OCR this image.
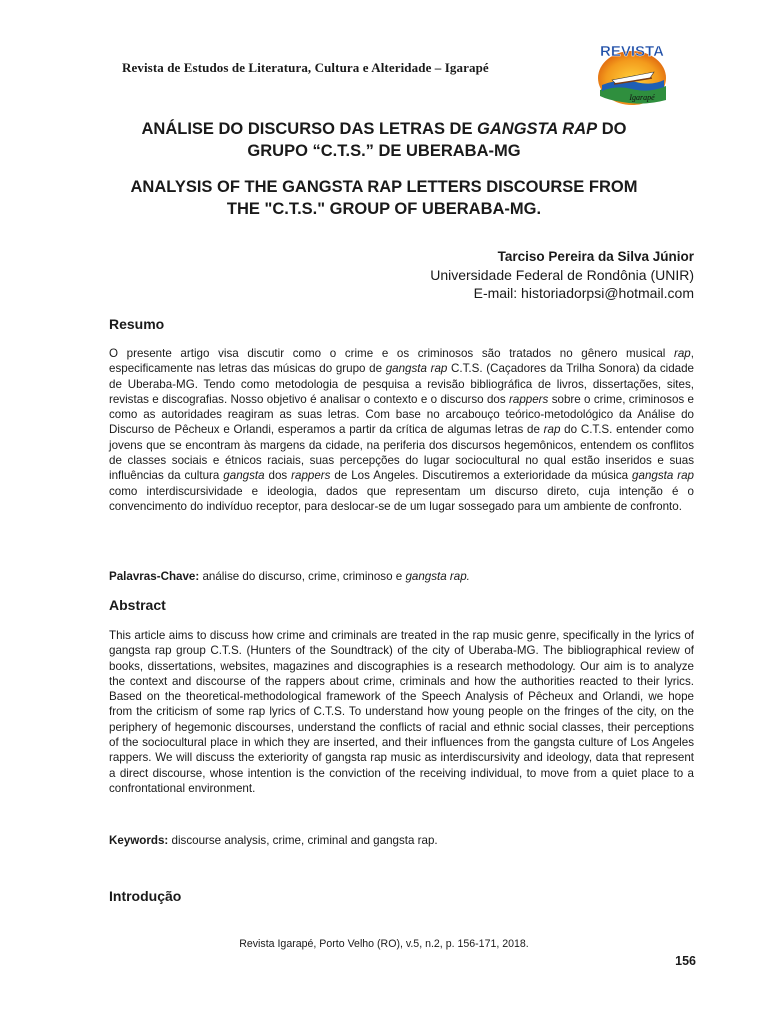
Revista de Estudos de Literatura, Cultura e Alteridade – Igarapé
REVISTA
Igarapé
ANÁLISE DO DISCURSO DAS LETRAS DE GANGSTA RAP DO
GRUPO “C.T.S.” DE UBERABA-MG
ANALYSIS OF THE GANGSTA RAP LETTERS DISCOURSE FROM
THE "C.T.S." GROUP OF UBERABA-MG.
Tarciso Pereira da Silva Júnior
Universidade Federal de Rondônia (UNIR)
E-mail: historiadorpsi@hotmail.com
Resumo
O presente artigo visa discutir como o crime e os criminosos são tratados no gênero musical rap, especificamente nas letras das músicas do grupo de gangsta rap C.T.S. (Caçadores da Trilha Sonora) da cidade de Uberaba-MG. Tendo como metodologia de pesquisa a revisão bibliográfica de livros, dissertações, sites, revistas e discografias. Nosso objetivo é analisar o contexto e o discurso dos rappers sobre o crime, criminosos e como as autoridades reagiram as suas letras. Com base no arcabouço teórico-metodológico da Análise do Discurso de Pêcheux e Orlandi, esperamos a partir da crítica de algumas letras de rap do C.T.S. entender como jovens que se encontram às margens da cidade, na periferia dos discursos hegemônicos, entendem os conflitos de classes sociais e étnicos raciais, suas percepções do lugar sociocultural no qual estão inseridos e suas influências da cultura gangsta dos rappers de Los Angeles. Discutiremos a exterioridade da música gangsta rap como interdiscursividade e ideologia, dados que representam um discurso direto, cuja intenção é o convencimento do indivíduo receptor, para deslocar-se de um lugar sossegado para um ambiente de confronto.
Palavras-Chave: análise do discurso, crime, criminoso e gangsta rap.
Abstract
This article aims to discuss how crime and criminals are treated in the rap music genre, specifically in the lyrics of gangsta rap group C.T.S. (Hunters of the Soundtrack) of the city of Uberaba-MG. The bibliographical review of books, dissertations, websites, magazines and discographies is a research methodology. Our aim is to analyze the context and discourse of the rappers about crime, criminals and how the authorities reacted to their lyrics. Based on the theoretical-methodological framework of the Speech Analysis of Pêcheux and Orlandi, we hope from the criticism of some rap lyrics of C.T.S. To understand how young people on the fringes of the city, on the periphery of hegemonic discourses, understand the conflicts of racial and ethnic social classes, their perceptions of the sociocultural place in which they are inserted, and their influences from the gangsta culture of Los Angeles rappers. We will discuss the exteriority of gangsta rap music as interdiscursivity and ideology, data that represent a direct discourse, whose intention is the conviction of the receiving individual, to move from a quiet place to a confrontational environment.
Keywords: discourse analysis, crime, criminal and gangsta rap.
Introdução
Revista Igarapé, Porto Velho (RO), v.5, n.2, p. 156-171, 2018.
156
